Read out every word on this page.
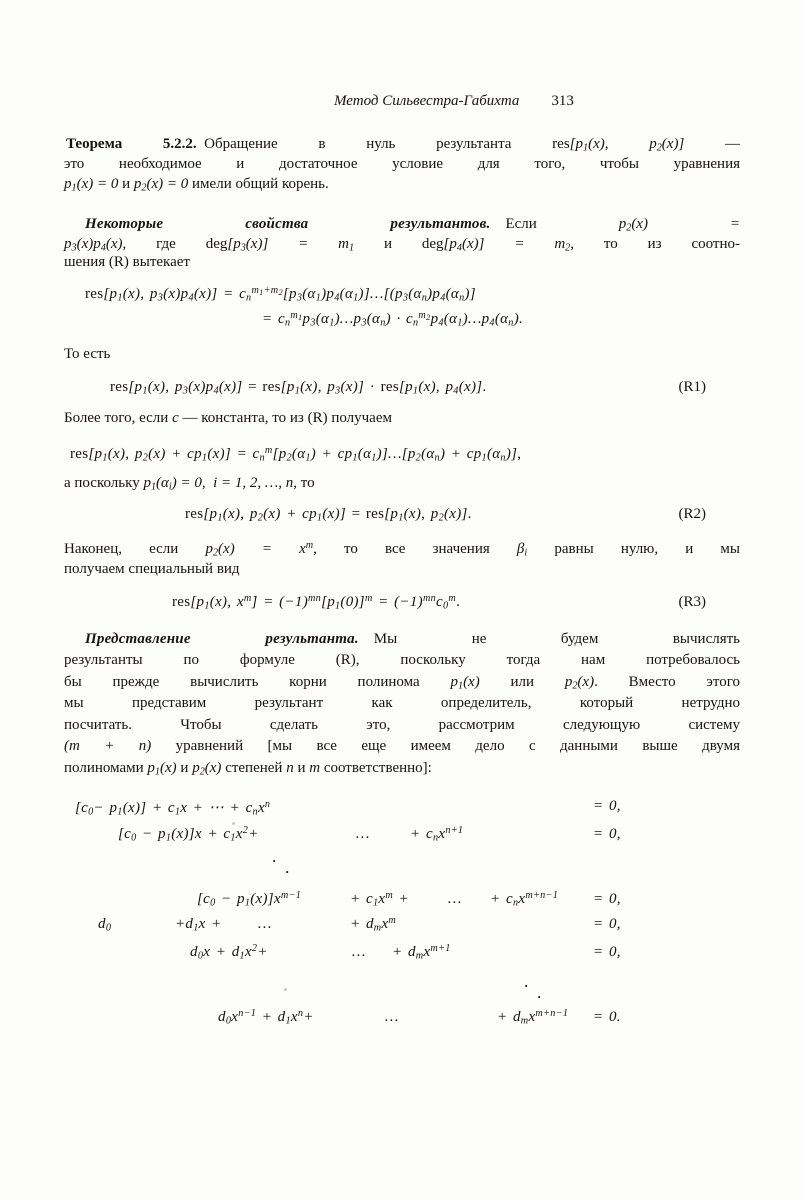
Метод Сильвестра-Габихта 313
Теорема 5.2.2. Обращение в нуль результанта $res[p_1(x)$, $p_2(x)$] —
это необходимое и достаточное условие для того, чтобы уравнения
$p_1(x) = 0$ и $p_2(x) = 0$ имели общий корень.
Некоторые свойства результантов. Если $p_2(x)$ =
$p_3(x)p_4(x)$, где $deg[p_3(x)] = m_1$ и $deg[p_4(x)] = m_2$, то из соотно-
шения (R) вытекает
$res[p_1(x)$, $p_3(x)p_4(x)$] = $c_n^{m_1+m_2}[p_3(\alpha_1)p_4(\alpha_1)]\dots[(p_3(\alpha_n)p_4(\alpha_n)]$
= $c_n^{m_1}p_3(\alpha_1)\dots p_3(\alpha_n)$ · $c_n^{m_2}p_4(\alpha_1)\dots p_4(\alpha_n)$.
То есть
$res[p_1(x)$, $p_3(x)p_4(x)] = res[p_1(x)$, $p_3(x)] \cdot res[p_1(x)$, $p_4(x)$].	(R1)
Более того, если c — константа, то из (R) получаем
$res[p_1(x)$, $p_2(x) + cp_1(x)] = c_n^m[p_2(\alpha_1)$ + $cp_1(\alpha_1)]\dots[p_2(\alpha_n) + cp_1(\alpha_n)]$,
а поскольку $p_1(\alpha_i) = 0$, i = 1, 2, …, n, то
$res[p_1(x)$, $p_2(x) + cp_1(x)] = res[p_1(x)$, $p_2(x)$].	(R2)
Наконец, если $p_2(x) = x^m$, то все значения $\beta_i$ равны нулю, и мы
получаем специальный вид
$res[p_1(x)$, $x^m] = (-1)^{mn}[p_1(0)]^m = (-1)^{mn}c_0^m$.	(R3)
Представление результанта. Мы не будем вычислять
результанты по формуле (R), поскольку тогда нам потребовалось
бы прежде вычислить корни полинома $p_1(x)$ или $p_2(x)$. Вместо этого
мы представим результант как определитель, который нетрудно
посчитать. Чтобы сделать это, рассмотрим следующую систему
(m + n) уравнений [мы все еще имеем дело с данными выше двумя
полиномами $p_1(x)$ и $p_2(x)$ степеней n и m соответственно]:
$[c_0- p_1(x)] + c_1x$ + ⋯ + $c_nx^n$	= 0,
$[c_0 - p_1(x)]x + c_1x^2+$	…	+ $c_nx^{n+1}$	= 0,
·
·
$[c_0 - p_1(x)]x^{m-1}$	+ $c_1x^m$ +	… + $c_nx^{m+n-1} = 0$,
$d_0$	$+d_1x$ + …	+ $d_mx^m$	= 0,
$d_0x + d_1x^2+$	… + $d_mx^{m+1}$	= 0,
·
·
$d_0x^{n-1} + d_1x^n+$	…	+ $d_mx^{m+n-1} = 0$.
